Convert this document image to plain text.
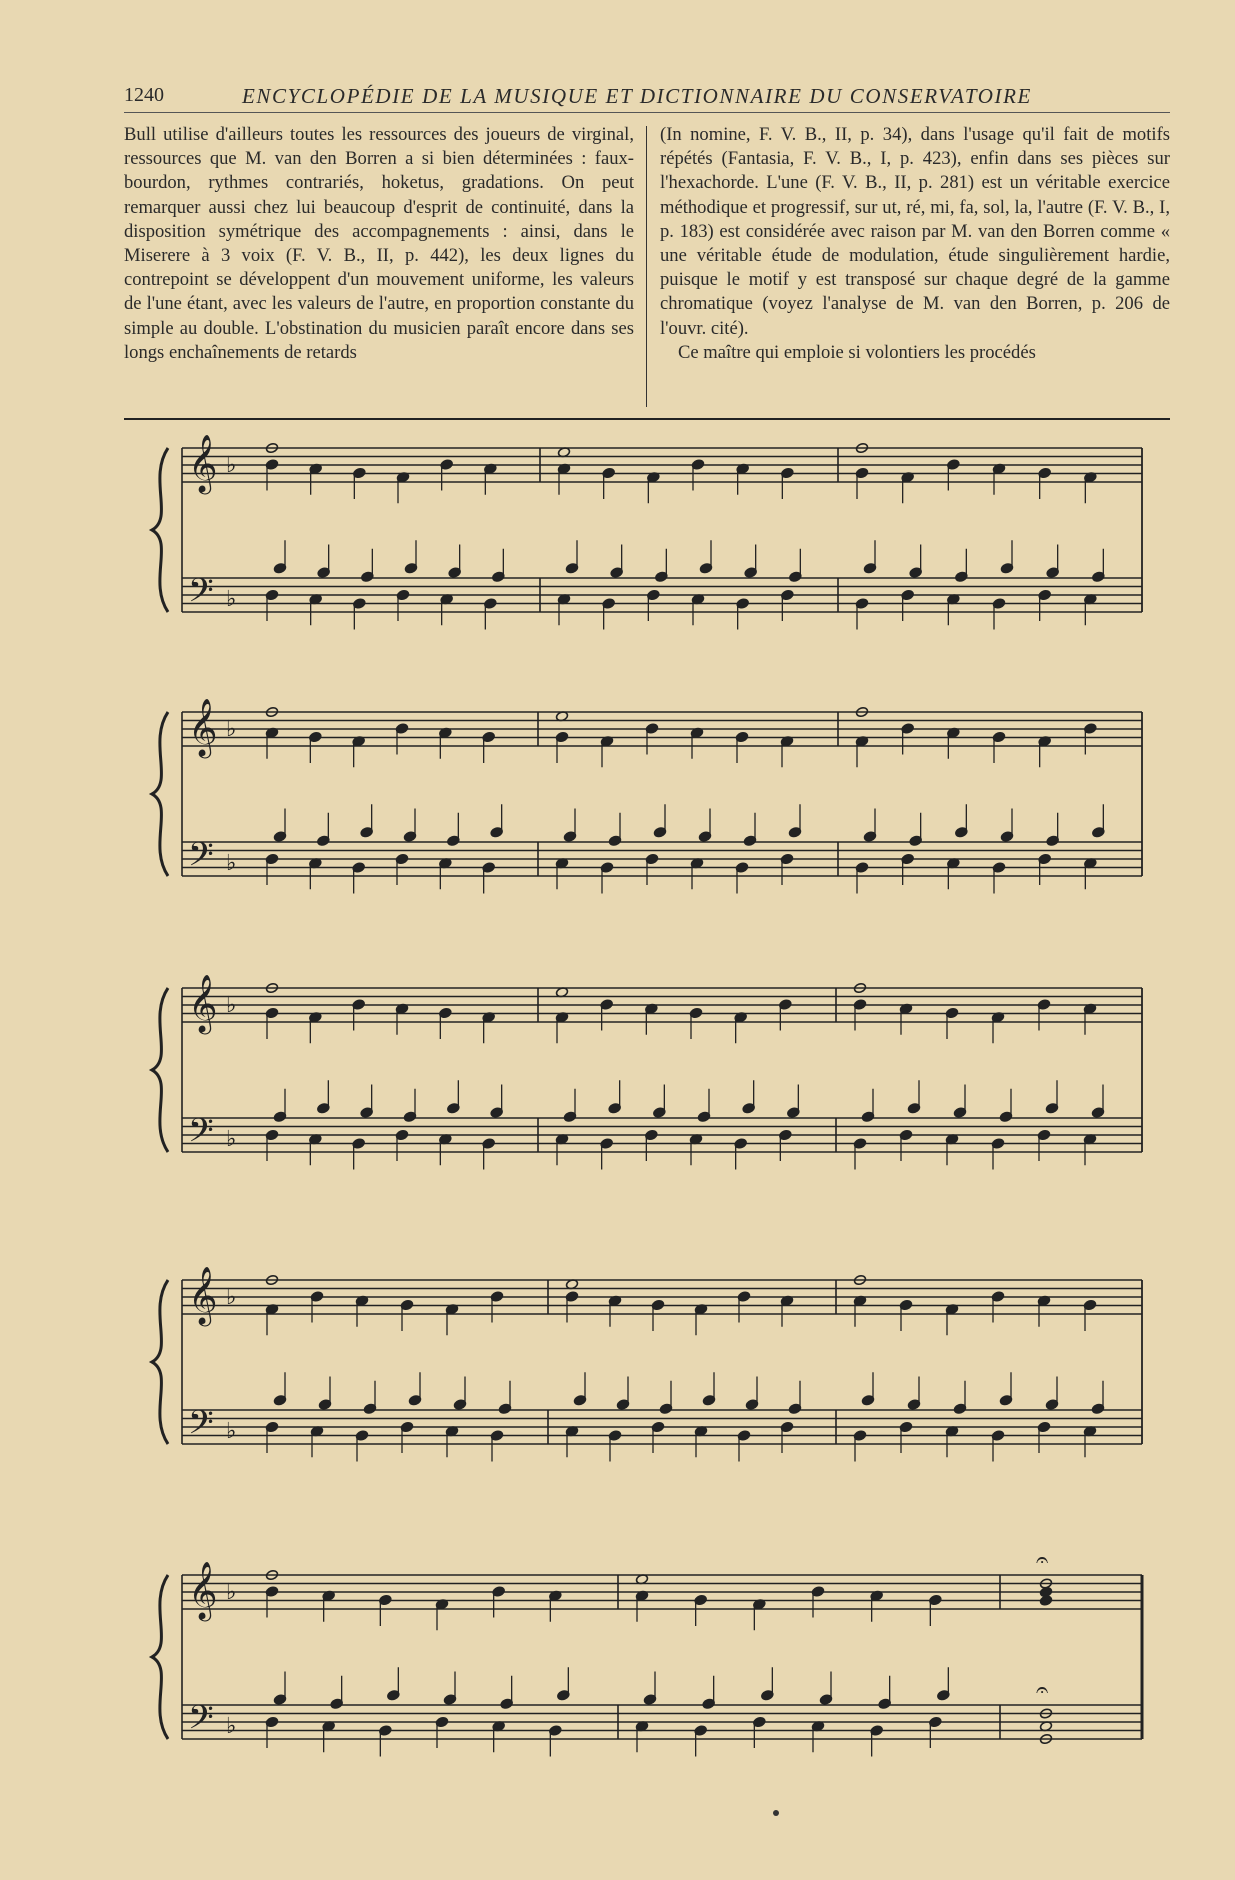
1240	ENCYCLOPÉDIE DE LA MUSIQUE ET DICTIONNAIRE DU CONSERVATOIRE

Bull utilise d'ailleurs toutes les ressources des joueurs de virginal, ressources que M. van den Borren a si bien déterminées : faux-bourdon, rythmes contrariés, hoketus, gradations. On peut remarquer aussi chez lui beaucoup d'esprit de continuité, dans la disposition symétrique des accompagnements : ainsi, dans le Miserere à 3 voix (F. V. B., II, p. 442), les deux lignes du contrepoint se développent d'un mouvement uniforme, les valeurs de l'une étant, avec les valeurs de l'autre, en proportion constante du simple au double. L'obstination du musicien paraît encore dans ses longs enchaînements de retards

(In nomine, F. V. B., II, p. 34), dans l'usage qu'il fait de motifs répétés (Fantasia, F. V. B., I, p. 423), enfin dans ses pièces sur l'hexachorde. L'une (F. V. B., II, p. 281) est un véritable exercice méthodique et progressif, sur ut, ré, mi, fa, sol, la, l'autre (F. V. B., I, p. 183) est considérée avec raison par M. van den Borren comme « une véritable étude de modulation, étude singulièrement hardie, puisque le motif y est transposé sur chaque degré de la gamme chromatique (voyez l'analyse de M. van den Borren, p. 206 de l'ouvr. cité).

Ce maître qui emploie si volontiers les procédés

𝄞
𝄢
♭
♭
𝄞
𝄢
♭
♭
𝄞
𝄢
♭
♭
𝄞
𝄢
♭
♭
𝄞
𝄢
♭
♭
𝄐
𝄐
